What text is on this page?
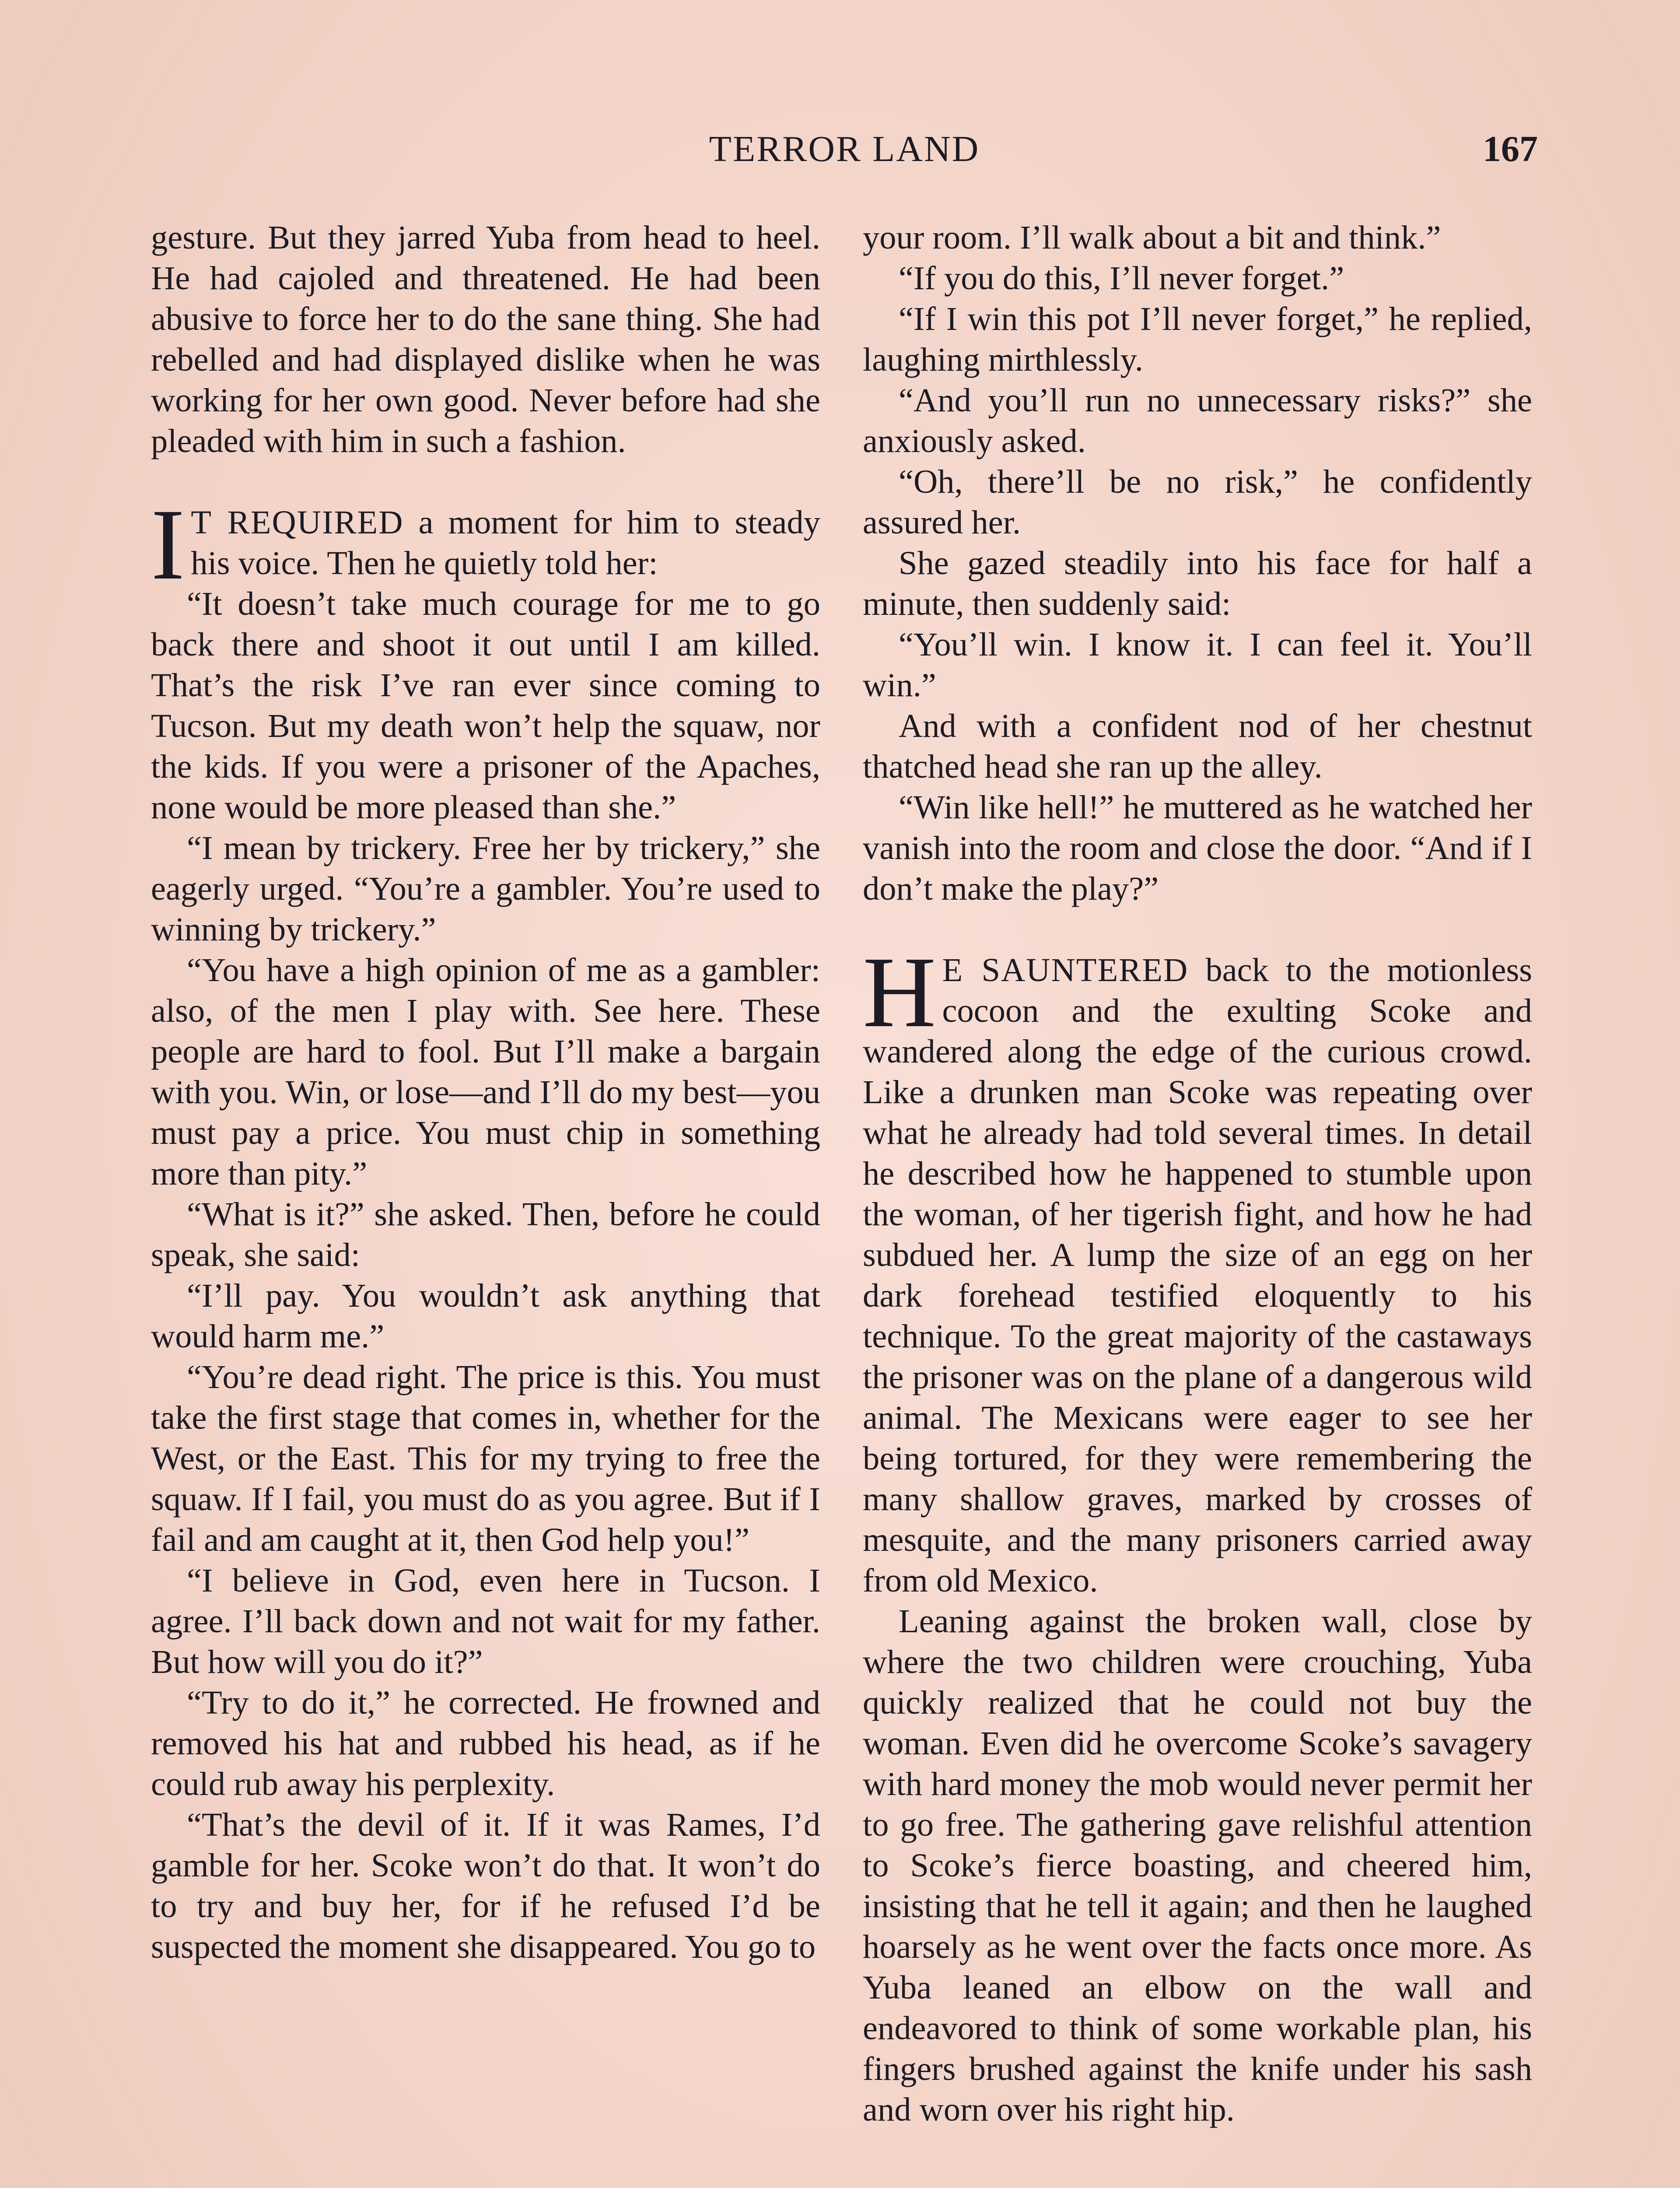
TERROR LAND	167

gesture. But they jarred Yuba from head to heel. He had cajoled and threatened. He had been abusive to force her to do the sane thing. She had rebelled and had displayed dislike when he was working for her own good. Never before had she pleaded with him in such a fashion.

IT REQUIRED a moment for him to steady his voice. Then he quietly told her:

“It doesn’t take much courage for me to go back there and shoot it out until I am killed. That’s the risk I’ve ran ever since coming to Tucson. But my death won’t help the squaw, nor the kids. If you were a prisoner of the Apaches, none would be more pleased than she.”

“I mean by trickery. Free her by trickery,” she eagerly urged. “You’re a gambler. You’re used to winning by trickery.”

“You have a high opinion of me as a gambler: also, of the men I play with. See here. These people are hard to fool. But I’ll make a bargain with you. Win, or lose—and I’ll do my best—you must pay a price. You must chip in something more than pity.”

“What is it?” she asked. Then, before he could speak, she said:

“I’ll pay. You wouldn’t ask anything that would harm me.”

“You’re dead right. The price is this. You must take the first stage that comes in, whether for the West, or the East. This for my trying to free the squaw. If I fail, you must do as you agree. But if I fail and am caught at it, then God help you!”

“I believe in God, even here in Tucson. I agree. I’ll back down and not wait for my father. But how will you do it?”

“Try to do it,” he corrected. He frowned and removed his hat and rubbed his head, as if he could rub away his perplexity.

“That’s the devil of it. If it was Rames, I’d gamble for her. Scoke won’t do that. It won’t do to try and buy her, for if he refused I’d be suspected the moment she disappeared. You go to

your room. I’ll walk about a bit and think.”

“If you do this, I’ll never forget.”

“If I win this pot I’ll never forget,” he replied, laughing mirthlessly.

“And you’ll run no unnecessary risks?” she anxiously asked.

“Oh, there’ll be no risk,” he confidently assured her.

She gazed steadily into his face for half a minute, then suddenly said:

“You’ll win. I know it. I can feel it. You’ll win.”

And with a confident nod of her chestnut thatched head she ran up the alley.

“Win like hell!” he muttered as he watched her vanish into the room and close the door. “And if I don’t make the play?”

HE SAUNTERED back to the motionless cocoon and the exulting Scoke and wandered along the edge of the curious crowd. Like a drunken man Scoke was repeating over what he already had told several times. In detail he described how he happened to stumble upon the woman, of her tigerish fight, and how he had subdued her. A lump the size of an egg on her dark forehead testified eloquently to his technique. To the great majority of the castaways the prisoner was on the plane of a dangerous wild animal. The Mexicans were eager to see her being tortured, for they were remembering the many shallow graves, marked by crosses of mesquite, and the many prisoners carried away from old Mexico.

Leaning against the broken wall, close by where the two children were crouching, Yuba quickly realized that he could not buy the woman. Even did he overcome Scoke’s savagery with hard money the mob would never permit her to go free. The gathering gave relishful attention to Scoke’s fierce boasting, and cheered him, insisting that he tell it again; and then he laughed hoarsely as he went over the facts once more. As Yuba leaned an elbow on the wall and endeavored to think of some workable plan, his fingers brushed against the knife under his sash and worn over his right hip.
